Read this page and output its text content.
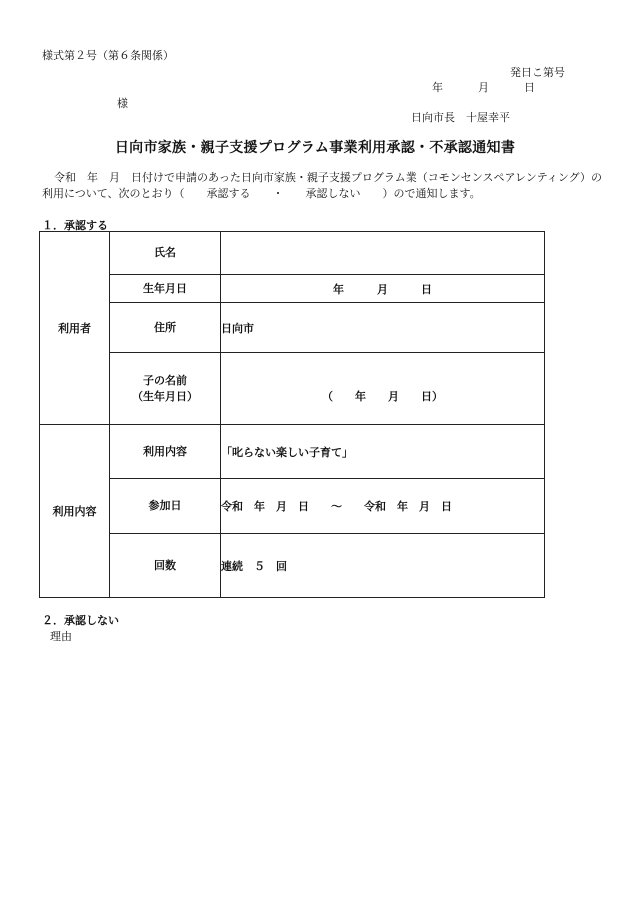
様式第２号（第６条関係）
発日こ第号
年	月	日
様
日向市長　十屋幸平
日向市家族・親子支援プログラム事業利用承認・不承認通知書
令和　年　月　日付けで申請のあった日向市家族・親子支援プログラム業（コモンセンスペアレンティング）の利用について、次のとおり（　　承認する　　・　　承認しない　　）ので通知します。
１．承認する
利用者	氏名	
	生年月日	年　　　月　　　日
	住所	日向市

	子の名前
（生年月日）	（　　年　　月　　日）
利用内容	利用内容	「叱らない楽しい子育て」
	参加日	令和　年　月　日　　～　　令和　年　月　日
	回数	連続　５　回
２．承認しない
理由
